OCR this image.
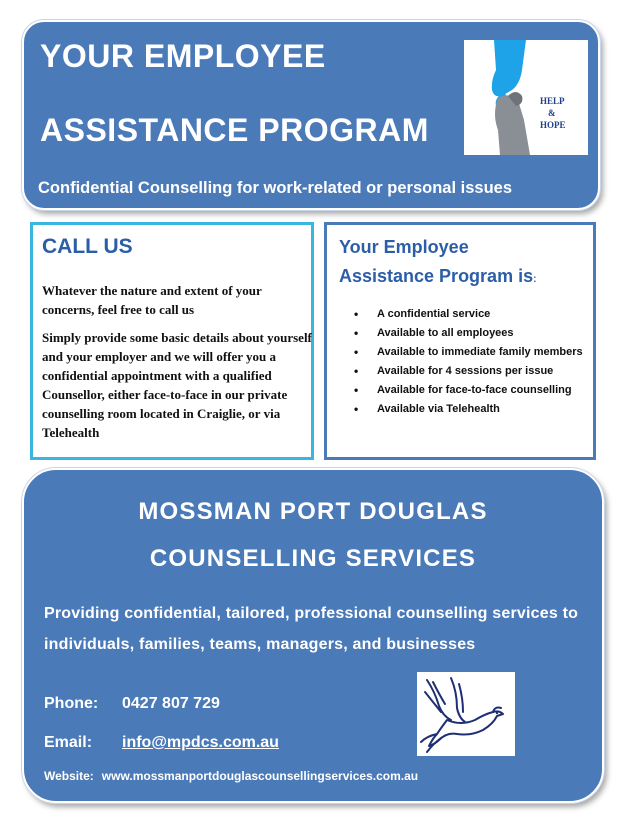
YOUR EMPLOYEE
ASSISTANCE PROGRAM
Confidential Counselling for work-related or personal issues
HELP
&
HOPE
CALL US
Whatever the nature and extent of your concerns, feel free to call us
Simply provide some basic details about yourself and your employer and we will offer you a confidential appointment with a qualified Counsellor, either face-to-face in our private counselling room located in Craiglie, or via Telehealth
Your Employee
Assistance Program is:
• A confidential service
• Available to all employees
• Available to immediate family members
• Available for 4 sessions per issue
• Available for face-to-face counselling
• Available via Telehealth
MOSSMAN PORT DOUGLAS
COUNSELLING SERVICES
Providing confidential, tailored, professional counselling services to individuals, families, teams, managers, and businesses
Phone: 0427 807 729
Email: info@mpdcs.com.au
Website: www.mossmanportdouglascounsellingservices.com.au
